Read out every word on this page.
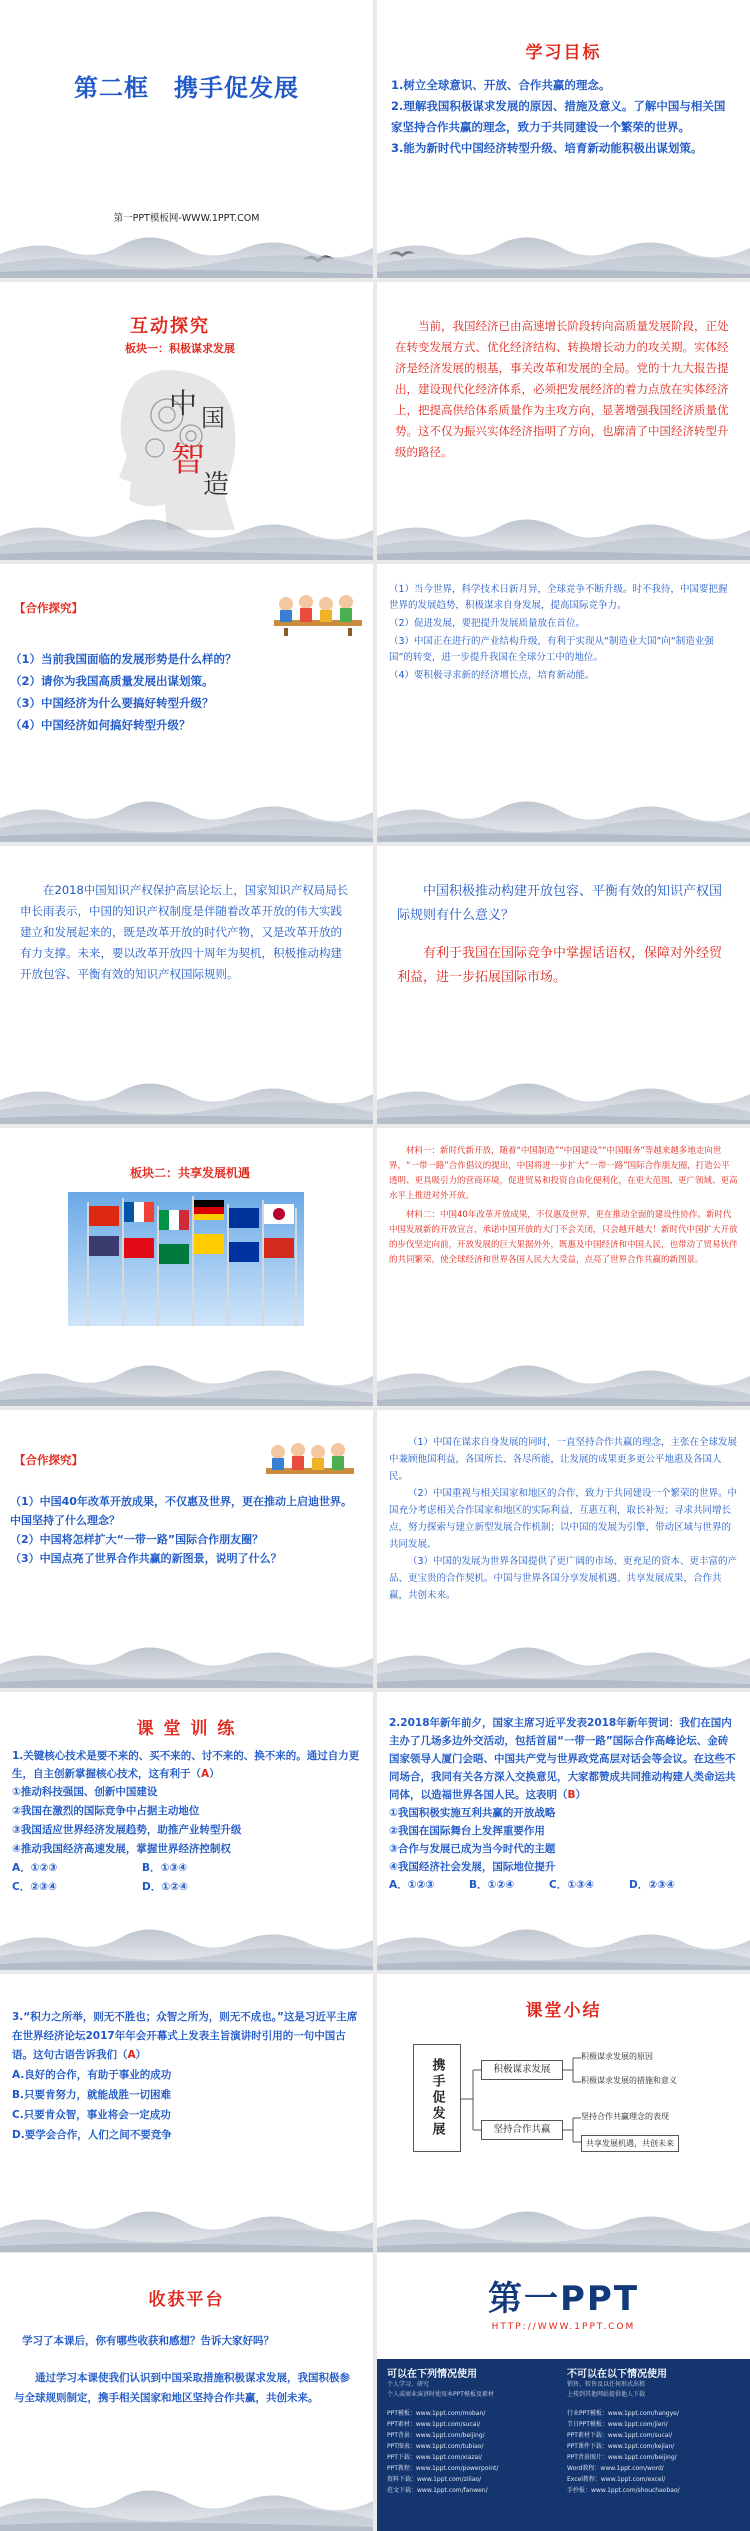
第二框　携手促发展
第一PPT模板网-WWW.1PPT.COM
学习目标

1.树立全球意识、开放、合作共赢的理念。

2.理解我国积极谋求发展的原因、措施及意义。了解中国与相关国家坚持合作共赢的理念，致力于共同建设一个繁荣的世界。

3.能为新时代中国经济转型升级、培育新动能积极出谋划策。

互动探究
板块一：积极谋求发展
中 国
智
造

当前，我国经济已由高速增长阶段转向高质量发展阶段，正处在转变发展方式、优化经济结构、转换增长动力的攻关期。实体经济是经济发展的根基，事关改革和发展的全局。党的十九大报告提出，建设现代化经济体系，必须把发展经济的着力点放在实体经济上，把提高供给体系质量作为主攻方向，显著增强我国经济质量优势。这不仅为振兴实体经济指明了方向，也廓清了中国经济转型升级的路径。

【合作探究】

（1）当前我国面临的发展形势是什么样的？

（2）请你为我国高质量发展出谋划策。

（3）中国经济为什么要搞好转型升级？

（4）中国经济如何搞好转型升级？

（1）当今世界，科学技术日新月异，全球竞争不断升级。时不我待，中国要把握世界的发展趋势，积极谋求自身发展，提高国际竞争力。

（2）促进发展，要把提升发展质量放在首位。

（3）中国正在进行的产业结构升级，有利于实现从“制造业大国”向“制造业强国”的转变，进一步提升我国在全球分工中的地位。

（4）要积极寻求新的经济增长点，培育新动能。

在2018中国知识产权保护高层论坛上，国家知识产权局局长申长雨表示，中国的知识产权制度是伴随着改革开放的伟大实践建立和发展起来的，既是改革开放的时代产物，又是改革开放的有力支撑。未来，要以改革开放四十周年为契机，积极推动构建开放包容、平衡有效的知识产权国际规则。

中国积极推动构建开放包容、平衡有效的知识产权国际规则有什么意义？

有利于我国在国际竞争中掌握话语权，保障对外经贸利益，进一步拓展国际市场。

板块二：共享发展机遇

材料一：新时代新开放，随着“中国制造”“中国建设”“中国服务”等越来越多地走向世界，“一带一路”合作倡议的提出，中国将进一步扩大“一带一路”国际合作朋友圈，打造公平透明、更具吸引力的营商环境，促进贸易和投资自由化便利化，在更大范围、更广领域、更高水平上推进对外开放。

材料二：中国40年改革开放成果，不仅惠及世界，更在推动全面的建设性协作。新时代中国发展新的开放宣言，承诺中国开放的大门不会关闭，只会越开越大！新时代中国扩大开放的步伐坚定向前，开放发展的巨大果据外外，既惠及中国经济和中国人民，也带动了贸易伙伴的共同繁荣，使全球经济和世界各国人民大大受益，点亮了世界合作共赢的新图景。

【合作探究】

（1）中国40年改革开放成果，不仅惠及世界，更在推动上启迪世界。中国坚持了什么理念？

（2）中国将怎样扩大“一带一路”国际合作朋友圈？

（3）中国点亮了世界合作共赢的新图景，说明了什么？

（1）中国在谋求自身发展的同时，一直坚持合作共赢的理念，主张在全球发展中兼顾他国利益，各国所长、各尽所能，让发展的成果更多更公平地惠及各国人民。

（2）中国重视与相关国家和地区的合作，致力于共同建设一个繁荣的世界。中国充分考虑相关合作国家和地区的实际利益，互惠互利，取长补短；寻求共同增长点，努力探索与建立新型发展合作机制；以中国的发展为引擎，带动区域与世界的共同发展。

（3）中国的发展为世界各国提供了更广阔的市场、更充足的资本、更丰富的产品、更宝贵的合作契机。中国与世界各国分享发展机遇、共享发展成果，合作共赢，共创未来。

课 堂 训 练

1.关键核心技术是要不来的、买不来的、讨不来的、换不来的。通过自力更生，自主创新掌握核心技术，这有利于（A）

①推动科技强国、创新中国建设

②我国在激烈的国际竞争中占据主动地位

③我国适应世界经济发展趋势，助推产业转型升级

④推动我国经济高速发展，掌握世界经济控制权

A．①②③	B．①③④
C．②③④	D．①②④

2.2018年新年前夕，国家主席习近平发表2018年新年贺词：我们在国内主办了几场多边外交活动，包括首届“一带一路”国际合作高峰论坛、金砖国家领导人厦门会晤、中国共产党与世界政党高层对话会等会议。在这些不同场合，我同有关各方深入交换意见，大家都赞成共同推动构建人类命运共同体，以造福世界各国人民。这表明（B）

①我国积极实施互利共赢的开放战略

②我国在国际舞台上发挥重要作用

③合作与发展已成为当今时代的主题

④我国经济社会发展，国际地位提升

A．①②③	B．①②④	C．①③④	D．②③④

3.“积力之所举，则无不胜也；众智之所为，则无不成也。”这是习近平主席在世界经济论坛2017年年会开幕式上发表主旨演讲时引用的一句中国古语。这句古语告诉我们（A）

A.良好的合作，有助于事业的成功

B.只要肯努力，就能战胜一切困难

C.只要肯众智，事业将会一定成功

D.要学会合作，人们之间不要竞争

课堂小结
携手促发展	积极谋求发展
坚持合作共赢
积极谋求发展的原因
积极谋求发展的措施和意义
坚持合作共赢理念的表现
共享发展机遇，共创未来
收获平台

学习了本课后，你有哪些收获和感想？告诉大家好吗？

通过学习本课使我们认识到中国采取措施积极谋求发展，我国积极参与全球规则制定，携手相关国家和地区坚持合作共赢，共创未来。

第一PPT
HTTP://WWW.1PPT.COM
可以在下列情况使用
个人学习、研究
个人或商业演讲时使用本PPT模板及素材
不可以在以下情况使用
销售、转售及以任何形式出租
上传到其他网站提供他人下载
PPT模板：www.1ppt.com/moban/
PPT素材：www.1ppt.com/sucai/
PPT背景：www.1ppt.com/beijing/
PPT图表：www.1ppt.com/tubiao/
PPT下载：www.1ppt.com/xiazai/
PPT教程：www.1ppt.com/powerpoint/
资料下载：www.1ppt.com/ziliao/
范文下载：www.1ppt.com/fanwen/
行业PPT模板：www.1ppt.com/hangye/
节日PPT模板：www.1ppt.com/jieri/
PPT素材下载：www.1ppt.com/sucai/
PPT课件下载：www.1ppt.com/kejian/
PPT背景图片：www.1ppt.com/beijing/
Word教程：www.1ppt.com/word/
Excel教程：www.1ppt.com/excel/
手抄报：www.1ppt.com/shouchaobao/
